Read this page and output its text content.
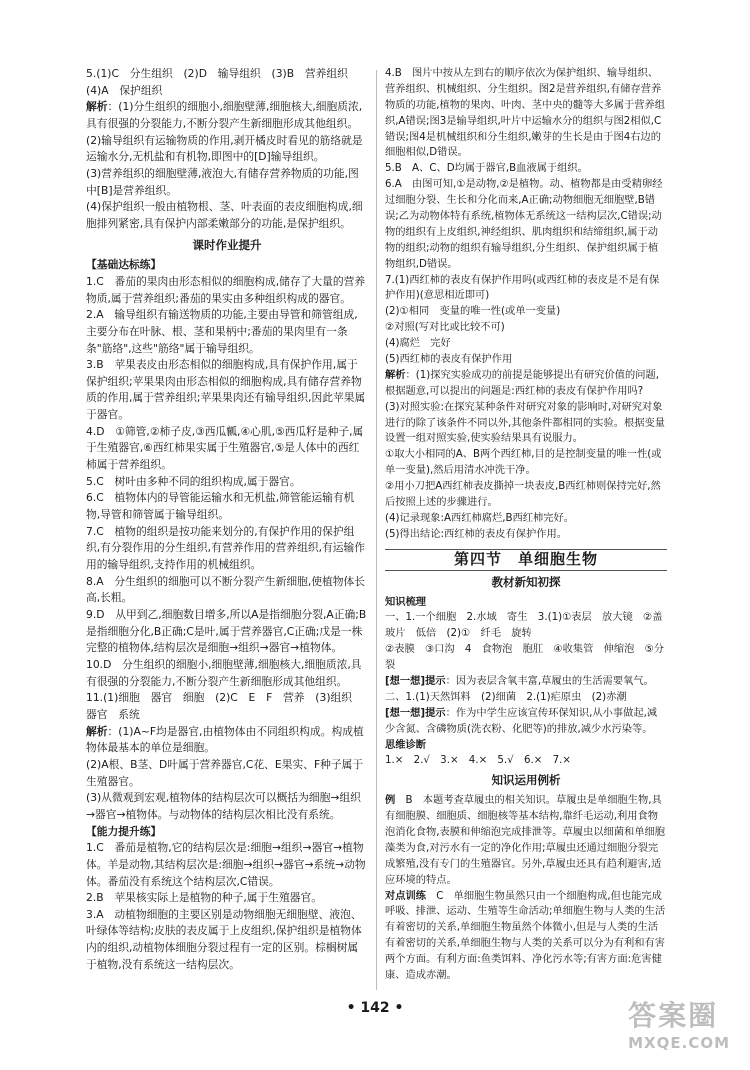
5.(1)C　分生组织　(2)D　输导组织　(3)B　营养组织　(4)A　保护组织

解析：(1)分生组织的细胞小,细胞壁薄,细胞核大,细胞质浓,具有很强的分裂能力,不断分裂产生新细胞形成其他组织。

(2)输导组织有运输物质的作用,剥开橘皮时看见的筋络就是运输水分,无机盐和有机物,即图中的[D]输导组织。

(3)营养组织的细胞壁薄,液泡大,有储存营养物质的功能,图中[B]是营养组织。

(4)保护组织一般由植物根、茎、叶表面的表皮细胞构成,细胞排列紧密,具有保护内部柔嫩部分的功能,是保护组织。

课时作业提升
【基础达标练】

1.C　番茄的果肉由形态相似的细胞构成,储存了大量的营养物质,属于营养组织;番茄的果实由多种组织构成的器官。

2.A　输导组织有输送物质的功能,主要由导管和筛管组成,主要分布在叶脉、根、茎和果柄中;番茄的果肉里有一条条"筋络",这些"筋络"属于输导组织。

3.B　苹果表皮由形态相似的细胞构成,具有保护作用,属于保护组织;苹果果肉由形态相似的细胞构成,具有储存营养物质的作用,属于营养组织;苹果果肉还有输导组织,因此苹果属于器官。

4.D　①筛管,②柿子皮,③西瓜瓤,④心肌,⑤西瓜籽是种子,属于生殖器官,⑥西红柿果实属于生殖器官,⑤是人体中的西红柿属于营养组织。

5.C　树叶由多种不同的组织构成,属于器官。

6.C　植物体内的导管能运输水和无机盐,筛管能运输有机物,导管和筛管属于输导组织。

7.C　植物的组织是按功能来划分的,有保护作用的保护组织,有分裂作用的分生组织,有营养作用的营养组织,有运输作用的输导组织,支持作用的机械组织。

8.A　分生组织的细胞可以不断分裂产生新细胞,使植物体长高,长粗。

9.D　从甲到乙,细胞数目增多,所以A是指细胞分裂,A正确;B是指细胞分化,B正确;C是叶,属于营养器官,C正确;戊是一株完整的植物体,结构层次是细胞→组织→器官→植物体。

10.D　分生组织的细胞小,细胞壁薄,细胞核大,细胞质浓,具有很强的分裂能力,不断分裂产生新细胞形成其他组织。

11.(1)细胞　器官　细胞　(2)C　E　F　营养　(3)组织　器官　系统

解析：(1)A~F均是器官,由植物体由不同组织构成。构成植物体最基本的单位是细胞。

(2)A根、B茎、D叶属于营养器官,C花、E果实、F种子属于生殖器官。

(3)从微观到宏观,植物体的结构层次可以概括为细胞→组织→器官→植物体。与动物体的结构层次相比没有系统。

【能力提升练】

1.C　番茄是植物,它的结构层次是:细胞→组织→器官→植物体。羊是动物,其结构层次是:细胞→组织→器官→系统→动物体。番茄没有系统这个结构层次,C错误。

2.B　苹果核实际上是植物的种子,属于生殖器官。

3.A　动植物细胞的主要区别是动物细胞无细胞壁、液泡、叶绿体等结构;皮肤的表皮属于上皮组织,保护组织是植物体内的组织,动植物体细胞分裂过程有一定的区别。棕榈树属于植物,没有系统这一结构层次。

4.B　图片中按从左到右的顺序依次为保护组织、输导组织、营养组织、机械组织、分生组织。图2是营养组织,有储存营养物质的功能,植物的果肉、叶肉、茎中央的髓等大多属于营养组织,A错误;图3是输导组织,叶片中运输水分的组织与图2相似,C错误;图4是机械组织和分生组织,嫩芽的生长是由于图4右边的细胞相似,D错误。

5.B　A、C、D均属于器官,B血液属于组织。

6.A　由图可知,①是动物,②是植物。动、植物都是由受精卵经过细胞分裂、生长和分化而来,A正确;动物细胞无细胞壁,B错误;乙为动物体特有系统,植物体无系统这一结构层次,C错误;动物的组织有上皮组织,神经组织、肌肉组织和结缔组织,属于动物的组织;动物的组织有输导组织,分生组织、保护组织属于植物组织,D错误。

7.(1)西红柿的表皮有保护作用吗(或西红柿的表皮是不是有保护作用)(意思相近即可)

(2)①相同　变量的唯一性(或单一变量)

②对照(写对比或比较不可)

(4)腐烂　完好

(5)西红柿的表皮有保护作用

解析：(1)探究实验成功的前提是能够提出有研究价值的问题,根据题意,可以提出的问题是:西红柿的表皮有保护作用吗?

(3)对照实验:在探究某种条件对研究对象的影响时,对研究对象进行的除了该条件不同以外,其他条件都相同的实验。根据变量设置一组对照实验,使实验结果具有说服力。

①取大小相同的A、B两个西红柿,目的是控制变量的唯一性(或单一变量),然后用清水冲洗干净。

②用小刀把A西红柿表皮撕掉一块表皮,B西红柿则保持完好,然后按照上述的步骤进行。

(4)记录现象:A西红柿腐烂,B西红柿完好。

(5)得出结论:西红柿的表皮有保护作用。

第四节　单细胞生物
教材新知初探
知识梳理

一、1.一个细胞　2.水域　寄生　3.(1)①表层　放大镜　②盖玻片　低倍　(2)①　纤毛　旋转

②表膜　③口沟　4　食物泡　胞肛　④收集管　伸缩泡　⑤分裂

[想一想]提示：因为表层含氧丰富,草履虫的生活需要氧气。

二、1.(1)天然饵料　(2)细菌　2.(1)疟原虫　(2)赤潮

[想一想]提示：作为中学生应该宣传环保知识,从小事做起,减少含氮、含磷物质(洗衣粉、化肥等)的排放,减少水污染等。

思维诊断

1.×　2.√　3.×　4.×　5.√　6.×　7.×

知识运用例析

例　B　本题考查草履虫的相关知识。草履虫是单细胞生物,具有细胞膜、细胞质、细胞核等基本结构,靠纤毛运动,利用食物泡消化食物,表膜和伸缩泡完成排泄等。草履虫以细菌和单细胞藻类为食,对污水有一定的净化作用;草履虫还通过细胞分裂完成繁殖,没有专门的生殖器官。另外,草履虫还具有趋利避害,适应环境的特点。

对点训练　C　单细胞生物虽然只由一个细胞构成,但也能完成呼吸、排泄、运动、生殖等生命活动;单细胞生物与人类的生活有着密切的关系,单细胞生物虽然个体微小,但是与人类的生活有着密切的关系,单细胞生物与人类的关系可以分为有利和有害两个方面。有利方面:鱼类饵料、净化污水等;有害方面:危害健康、造成赤潮。

• 142 •	答案圈
MXQE.COM
